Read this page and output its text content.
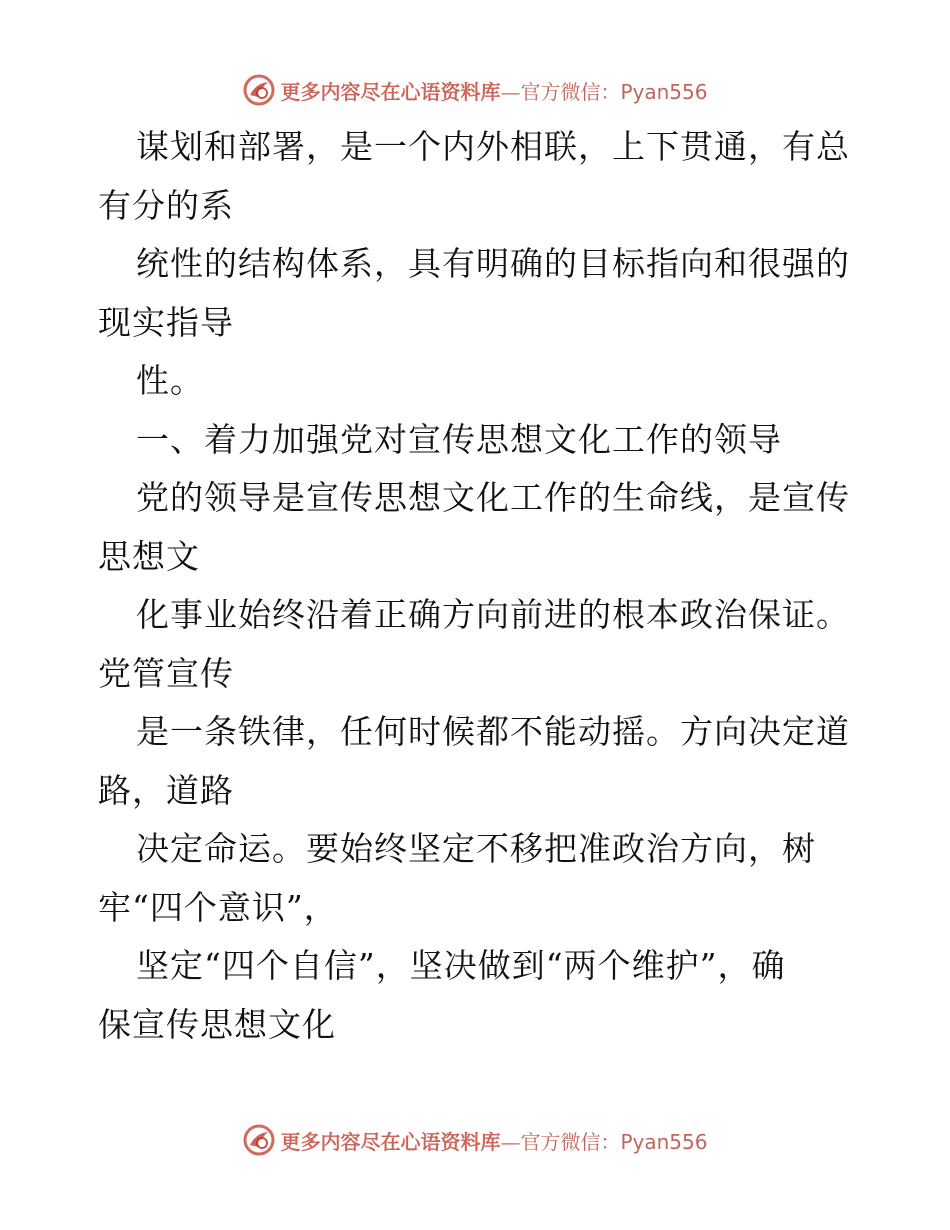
更多内容尽在心语资料库—官方微信：Pyan556
谋划和部署，是一个内外相联，上下贯通，有总
有分的系
统性的结构体系，具有明确的目标指向和很强的
现实指导
性。
一、着力加强党对宣传思想文化工作的领导
党的领导是宣传思想文化工作的生命线，是宣传
思想文
化事业始终沿着正确方向前进的根本政治保证。
党管宣传
是一条铁律，任何时候都不能动摇。方向决定道
路，道路
决定命运。要始终坚定不移把准政治方向，树
牢“四个意识”，
坚定“四个自信”，坚决做到“两个维护”，确
保宣传思想文化
更多内容尽在心语资料库—官方微信：Pyan556
